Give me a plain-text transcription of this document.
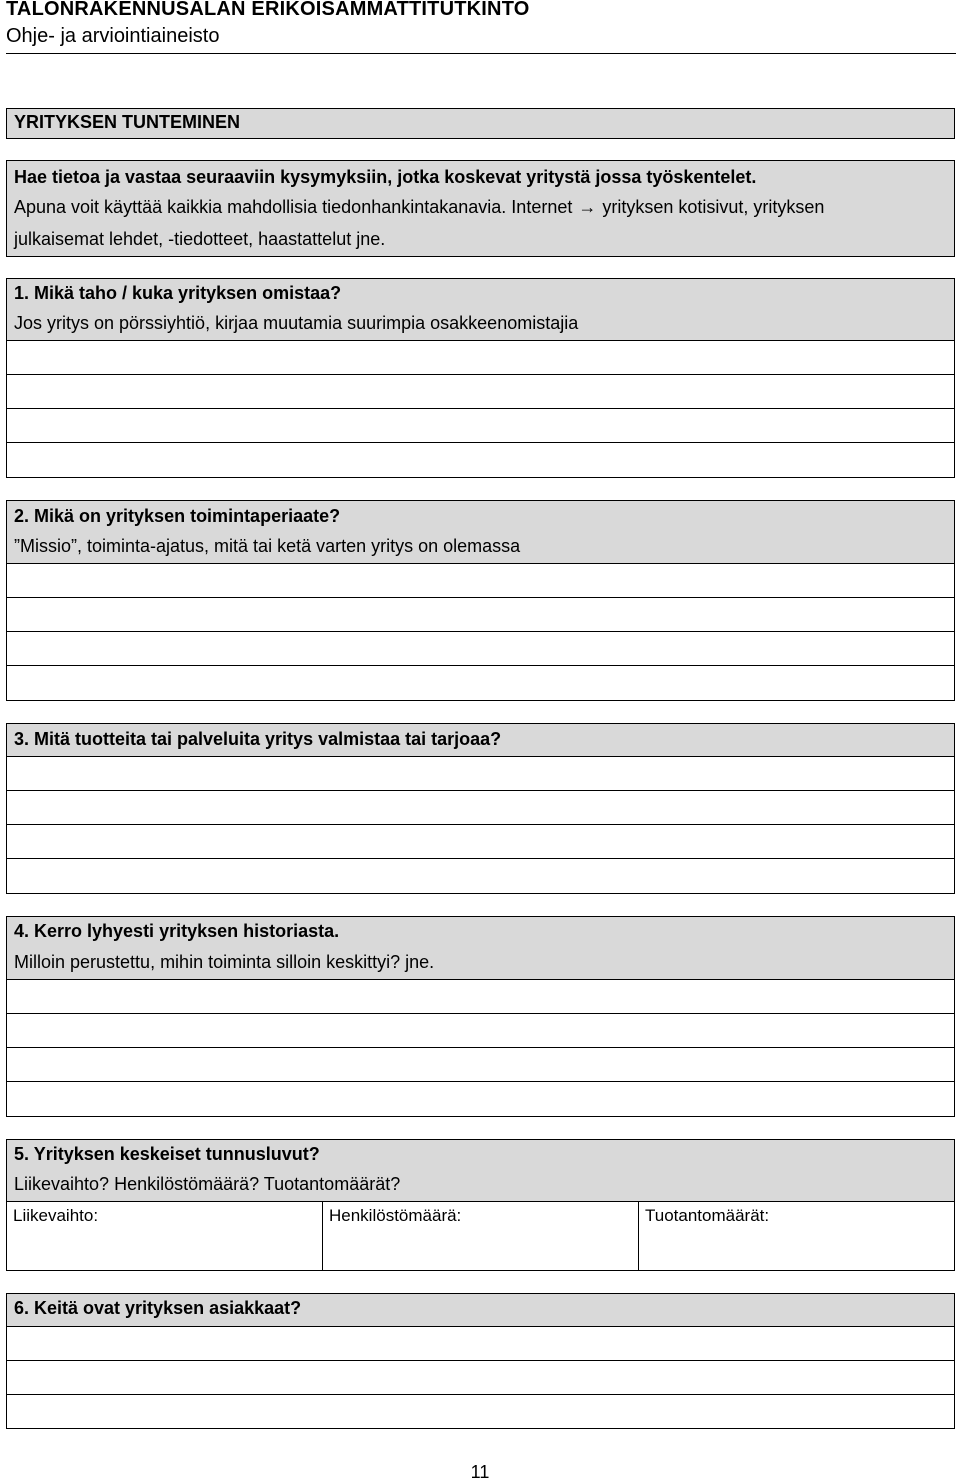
TALONRAKENNUSALAN ERIKOISAMMATTITUTKINTO
Ohje- ja arviointiaineisto
YRITYKSEN TUNTEMINEN
Hae tietoa ja vastaa seuraaviin kysymyksiin, jotka koskevat yritystä jossa työskentelet.
Apuna voit käyttää kaikkia mahdollisia tiedonhankintakanavia. Internet → yrityksen kotisivut, yrityksen
julkaisemat lehdet, -tiedotteet, haastattelut jne.
1. Mikä taho / kuka yrityksen omistaa?
Jos yritys on pörssiyhtiö, kirjaa muutamia suurimpia osakkeenomistajia
2. Mikä on yrityksen toimintaperiaate?
”Missio”, toiminta-ajatus, mitä tai ketä varten yritys on olemassa
3. Mitä tuotteita tai palveluita yritys valmistaa tai tarjoaa?
4. Kerro lyhyesti yrityksen historiasta.
Milloin perustettu, mihin toiminta silloin keskittyi? jne.
5. Yrityksen keskeiset tunnusluvut?
Liikevaihto? Henkilöstömäärä? Tuotantomäärät?
Liikevaihto:	Henkilöstömäärä:	Tuotantomäärät:
6. Keitä ovat yrityksen asiakkaat?
11
